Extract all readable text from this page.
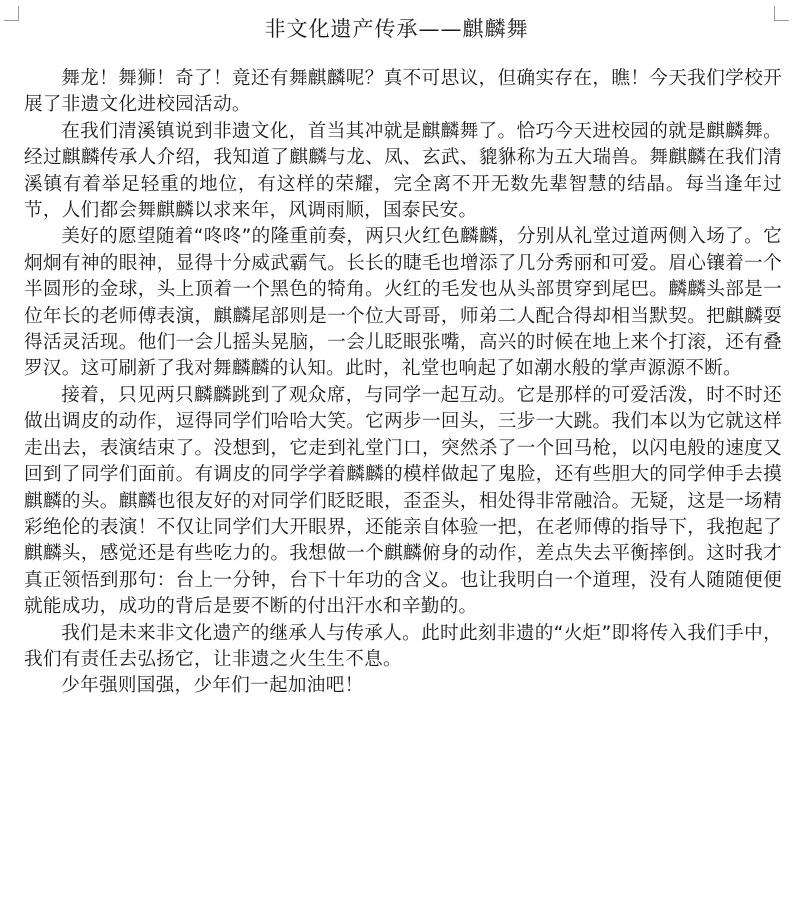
非文化遗产传承——麒麟舞

舞龙！舞狮！奇了！竟还有舞麒麟呢？真不可思议，但确实存在，瞧！今天我们学校开展了非遗文化进校园活动。

在我们清溪镇说到非遗文化，首当其冲就是麒麟舞了。恰巧今天进校园的就是麒麟舞。经过麒麟传承人介绍，我知道了麒麟与龙、凤、玄武、貔貅称为五大瑞兽。舞麒麟在我们清溪镇有着举足轻重的地位，有这样的荣耀，完全离不开无数先辈智慧的结晶。每当逢年过节，人们都会舞麒麟以求来年，风调雨顺，国泰民安。

美好的愿望随着“咚咚”的隆重前奏，两只火红色麟麟，分别从礼堂过道两侧入场了。它炯炯有神的眼神，显得十分威武霸气。长长的睫毛也增添了几分秀丽和可爱。眉心镶着一个半圆形的金球，头上顶着一个黑色的犄角。火红的毛发也从头部贯穿到尾巴。麟麟头部是一位年长的老师傅表演，麒麟尾部则是一个位大哥哥，师弟二人配合得却相当默契。把麒麟耍得活灵活现。他们一会儿摇头晃脑，一会儿眨眼张嘴，高兴的时候在地上来个打滚，还有叠罗汉。这可刷新了我对舞麟麟的认知。此时，礼堂也响起了如潮水般的掌声源源不断。

接着，只见两只麟麟跳到了观众席，与同学一起互动。它是那样的可爱活泼，时不时还做出调皮的动作，逗得同学们哈哈大笑。它两步一回头，三步一大跳。我们本以为它就这样走出去，表演结束了。没想到，它走到礼堂门口，突然杀了一个回马枪，以闪电般的速度又回到了同学们面前。有调皮的同学学着麟麟的模样做起了鬼脸，还有些胆大的同学伸手去摸麒麟的头。麒麟也很友好的对同学们眨眨眼，歪歪头，相处得非常融洽。无疑，这是一场精彩绝伦的表演！不仅让同学们大开眼界，还能亲自体验一把，在老师傅的指导下，我抱起了麒麟头，感觉还是有些吃力的。我想做一个麒麟俯身的动作，差点失去平衡摔倒。这时我才真正领悟到那句：台上一分钟，台下十年功的含义。也让我明白一个道理，没有人随随便便就能成功，成功的背后是要不断的付出汗水和辛勤的。

我们是未来非文化遗产的继承人与传承人。此时此刻非遗的“火炬”即将传入我们手中，我们有责任去弘扬它，让非遗之火生生不息。

少年强则国强，少年们一起加油吧！
